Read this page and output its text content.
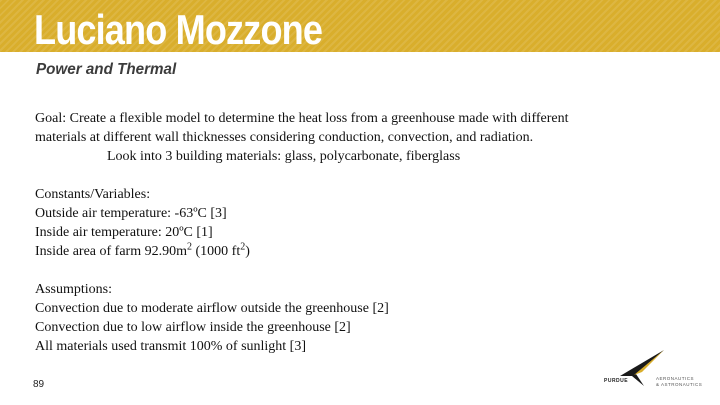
Luciano Mozzone
Power and Thermal
Goal: Create a flexible model to determine the heat loss from a greenhouse made with different
materials at different wall thicknesses considering conduction, convection, and radiation.
Look into 3 building materials: glass, polycarbonate, fiberglass
Constants/Variables:
Outside air temperature: -63ºC [3]
Inside air temperature: 20ºC [1]
Inside area of farm $92.90m^2$ (1000 $ft^2$)
Assumptions:
Convection due to moderate airflow outside the greenhouse [2]
Convection due to low airflow inside the greenhouse [2]
All materials used transmit 100% of sunlight [3]
89	PURDUE	AERONAUTICS
& ASTRONAUTICS
